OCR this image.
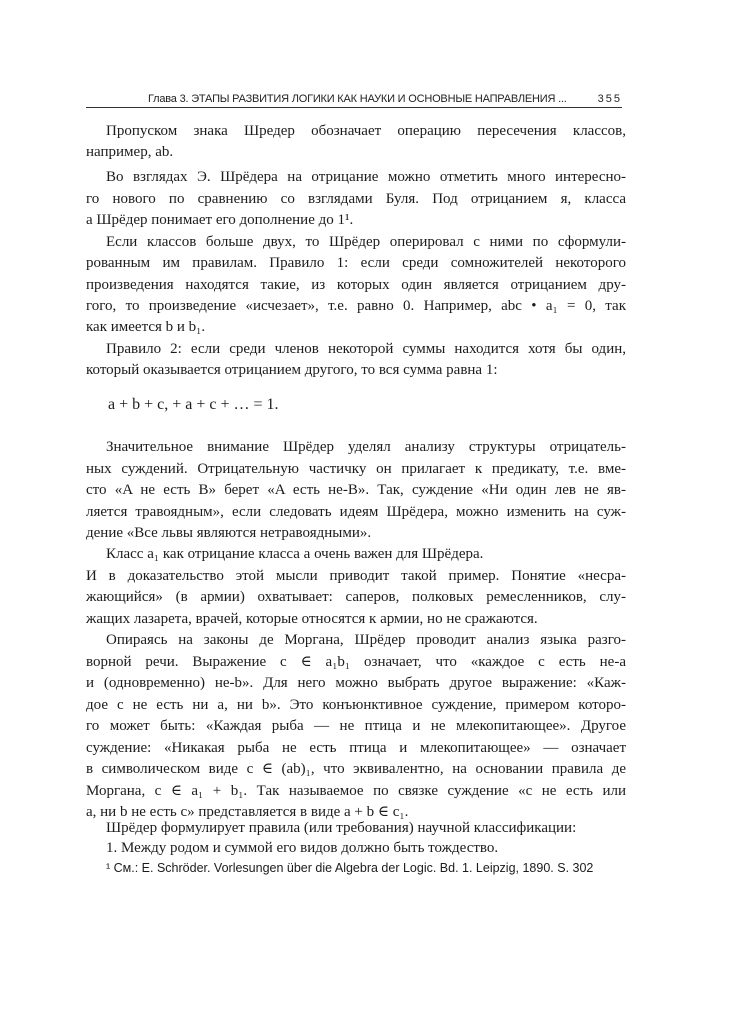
Глава 3. ЭТАПЫ РАЗВИТИЯ ЛОГИКИ КАК НАУКИ И ОСНОВНЫЕ НАПРАВЛЕНИЯ ...	355
Пропуском знака Шредер обозначает операцию пересечения классов,
например, ab.
Во взглядах Э. Шрёдера на отрицание можно отметить много интересно-
го нового по сравнению со взглядами Буля. Под отрицанием я, класса
a Шрёдер понимает его дополнение до 1¹.
Если классов больше двух, то Шрёдер оперировал с ними по сформули-
рованным им правилам. Правило 1: если среди сомножителей некоторого
произведения находятся такие, из которых один является отрицанием дру-
гого, то произведение «исчезает», т.е. равно 0. Например, abc • a₁ = 0, так
как имеется b и b₁.
Правило 2: если среди членов некоторой суммы находится хотя бы один,
который оказывается отрицанием другого, то вся сумма равна 1:
a + b + c, + a + c + … = 1.
Значительное внимание Шрёдер уделял анализу структуры отрицатель-
ных суждений. Отрицательную частичку он прилагает к предикату, т.е. вме-
сто «A не есть B» берет «A есть не-B». Так, суждение «Ни один лев не яв-
ляется травоядным», если следовать идеям Шрёдера, можно изменить на суж-
дение «Все львы являются нетравоядными».
Класс a₁ как отрицание класса a очень важен для Шрёдера.
И в доказательство этой мысли приводит такой пример. Понятие «несра-
жающийся» (в армии) охватывает: саперов, полковых ремесленников, слу-
жащих лазарета, врачей, которые относятся к армии, но не сражаются.
Опираясь на законы де Моргана, Шрёдер проводит анализ языка разго-
ворной речи. Выражение c ∈ a₁b₁ означает, что «каждое c есть не-a
и (одновременно) не-b». Для него можно выбрать другое выражение: «Каж-
дое c не есть ни a, ни b». Это конъюнктивное суждение, примером которо-
го может быть: «Каждая рыба — не птица и не млекопитающее». Другое
суждение: «Никакая рыба не есть птица и млекопитающее» — означает
в символическом виде c ∈ (ab)₁, что эквивалентно, на основании правила де
Моргана, c ∈ a₁ + b₁. Так называемое по связке суждение «c не есть или
a, ни b не есть c» представляется в виде a + b ∈ c₁.
Шрёдер формулирует правила (или требования) научной классификации:
1. Между родом и суммой его видов должно быть тождество.
¹ См.: E. Schröder. Vorlesungen über die Algebra der Logic. Bd. 1. Leipzig, 1890. S. 302
